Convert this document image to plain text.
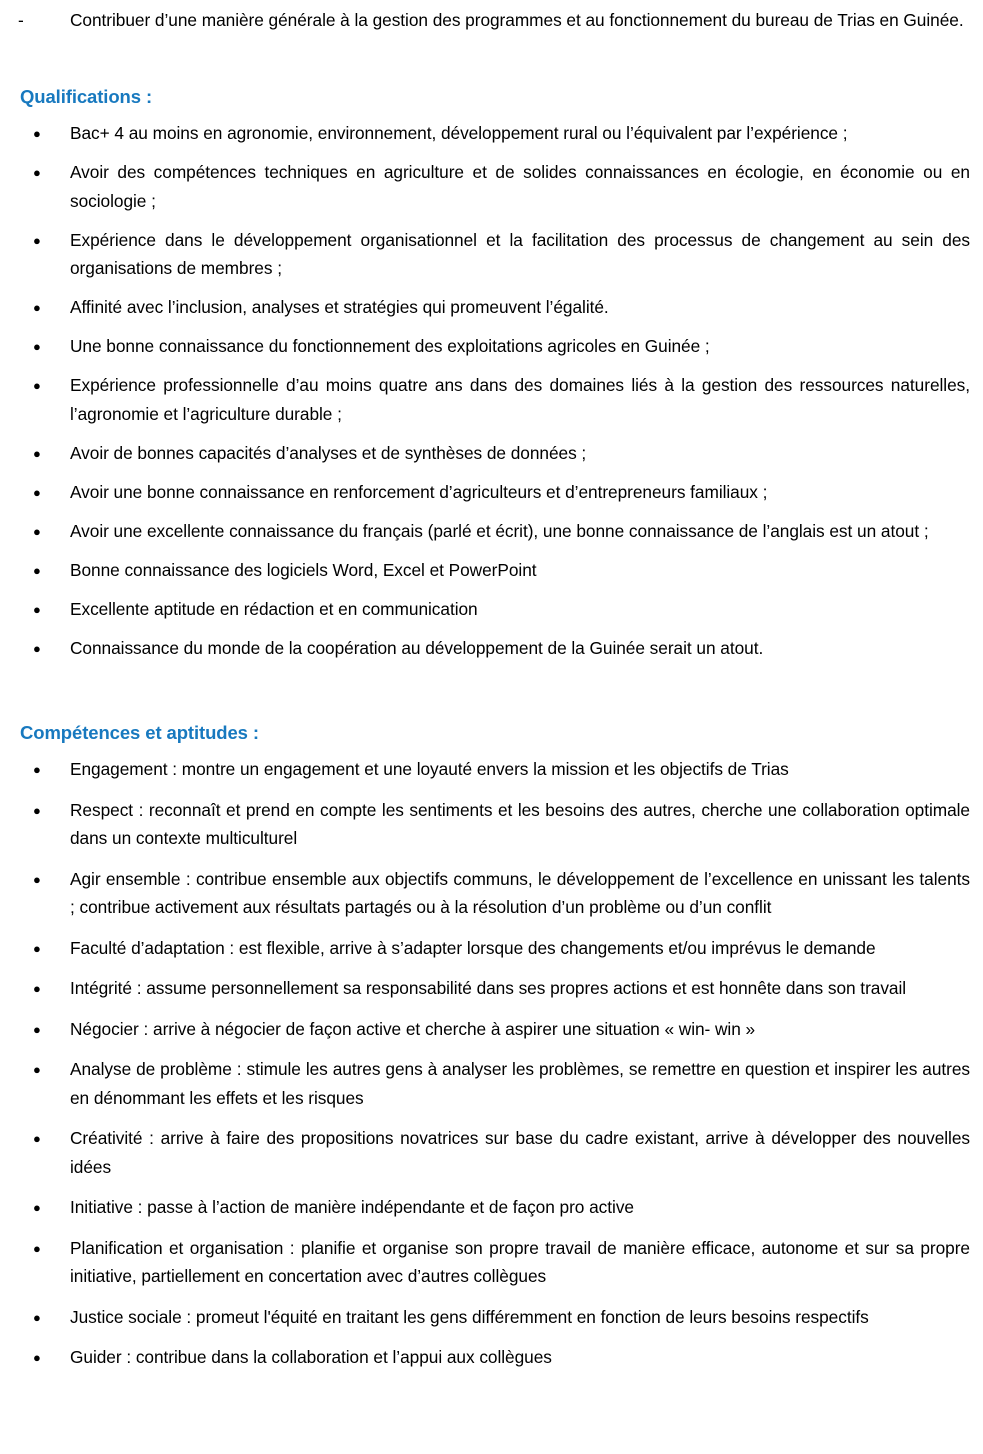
-	Contribuer d’une manière générale à la gestion des programmes et au fonctionnement du bureau de Trias en Guinée.
Qualifications :
● Bac+ 4 au moins en agronomie, environnement, développement rural ou l’équivalent par l’expérience ;
● Avoir des compétences techniques en agriculture et de solides connaissances en écologie, en économie ou en sociologie ;
● Expérience dans le développement organisationnel et la facilitation des processus de changement au sein des organisations de membres ;
● Affinité avec l’inclusion, analyses et stratégies qui promeuvent l’égalité.
● Une bonne connaissance du fonctionnement des exploitations agricoles en Guinée ;
● Expérience professionnelle d’au moins quatre ans dans des domaines liés à la gestion des ressources naturelles, l’agronomie et l’agriculture durable ;
● Avoir de bonnes capacités d’analyses et de synthèses de données ;
● Avoir une bonne connaissance en renforcement d’agriculteurs et d’entrepreneurs familiaux ;
● Avoir une excellente connaissance du français (parlé et écrit), une bonne connaissance de l’anglais est un atout ;
● Bonne connaissance des logiciels Word, Excel et PowerPoint
● Excellente aptitude en rédaction et en communication
● Connaissance du monde de la coopération au développement de la Guinée serait un atout.
Compétences et aptitudes :
● Engagement : montre un engagement et une loyauté envers la mission et les objectifs de Trias
● Respect : reconnaît et prend en compte les sentiments et les besoins des autres, cherche une collaboration optimale dans un contexte multiculturel
● Agir ensemble : contribue ensemble aux objectifs communs, le développement de l’excellence en unissant les talents ; contribue activement aux résultats partagés ou à la résolution d’un problème ou d’un conflit
● Faculté d’adaptation : est flexible, arrive à s’adapter lorsque des changements et/ou imprévus le demande
● Intégrité : assume personnellement sa responsabilité dans ses propres actions et est honnête dans son travail
● Négocier : arrive à négocier de façon active et cherche à aspirer une situation « win- win »
● Analyse de problème : stimule les autres gens à analyser les problèmes, se remettre en question et inspirer les autres en dénommant les effets et les risques
● Créativité : arrive à faire des propositions novatrices sur base du cadre existant, arrive à développer des nouvelles idées
● Initiative : passe à l’action de manière indépendante et de façon pro active
● Planification et organisation : planifie et organise son propre travail de manière efficace, autonome et sur sa propre initiative, partiellement en concertation avec d’autres collègues
● Justice sociale : promeut l'équité en traitant les gens différemment en fonction de leurs besoins respectifs
● Guider : contribue dans la collaboration et l’appui aux collègues
